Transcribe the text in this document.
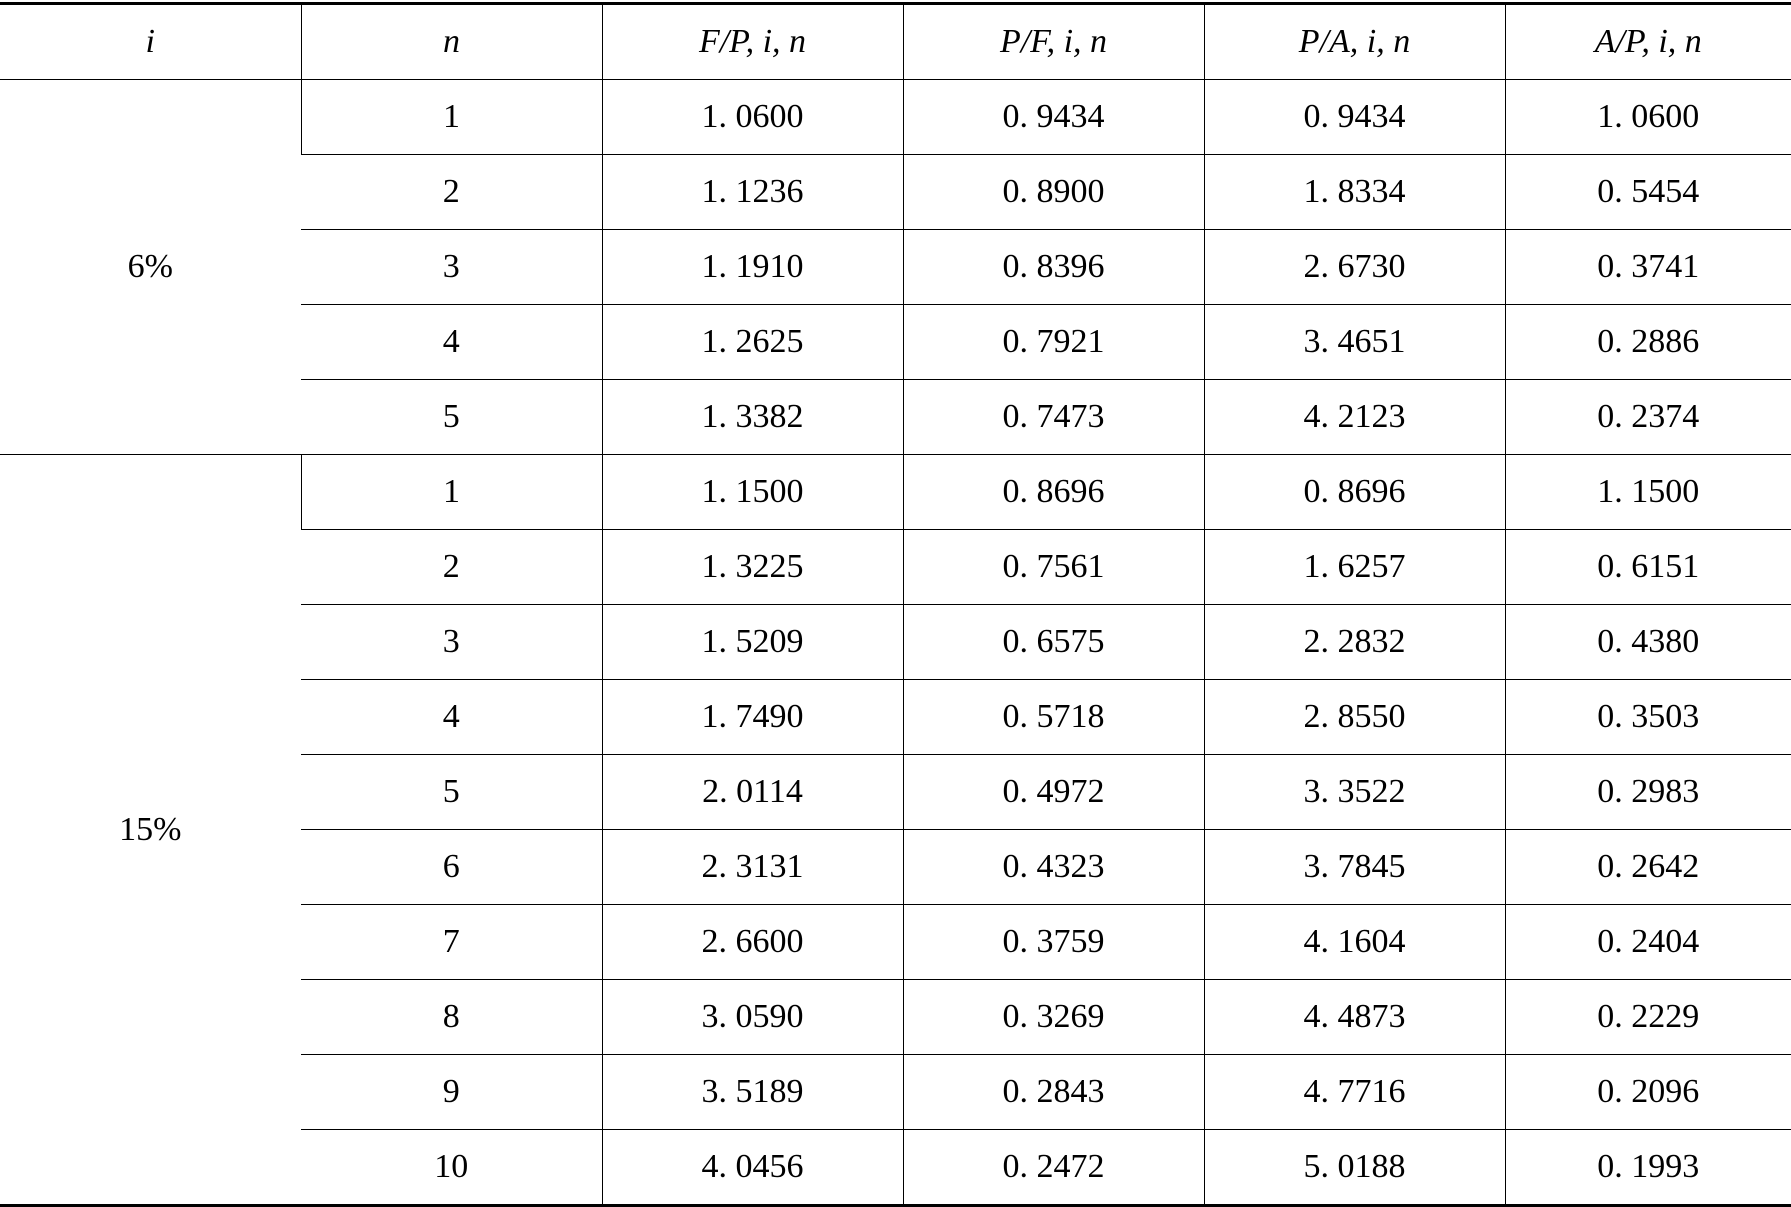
i	n	F/P, i, n	P/F, i, n	P/A, i, n	A/P, i, n
6%	1	1. 0600	0. 9434	0. 9434	1. 0600
	2	1. 1236	0. 8900	1. 8334	0. 5454
	3	1. 1910	0. 8396	2. 6730	0. 3741
	4	1. 2625	0. 7921	3. 4651	0. 2886
	5	1. 3382	0. 7473	4. 2123	0. 2374
15%	1	1. 1500	0. 8696	0. 8696	1. 1500
	2	1. 3225	0. 7561	1. 6257	0. 6151
	3	1. 5209	0. 6575	2. 2832	0. 4380
	4	1. 7490	0. 5718	2. 8550	0. 3503
	5	2. 0114	0. 4972	3. 3522	0. 2983
	6	2. 3131	0. 4323	3. 7845	0. 2642
	7	2. 6600	0. 3759	4. 1604	0. 2404
	8	3. 0590	0. 3269	4. 4873	0. 2229
	9	3. 5189	0. 2843	4. 7716	0. 2096
	10	4. 0456	0. 2472	5. 0188	0. 1993
